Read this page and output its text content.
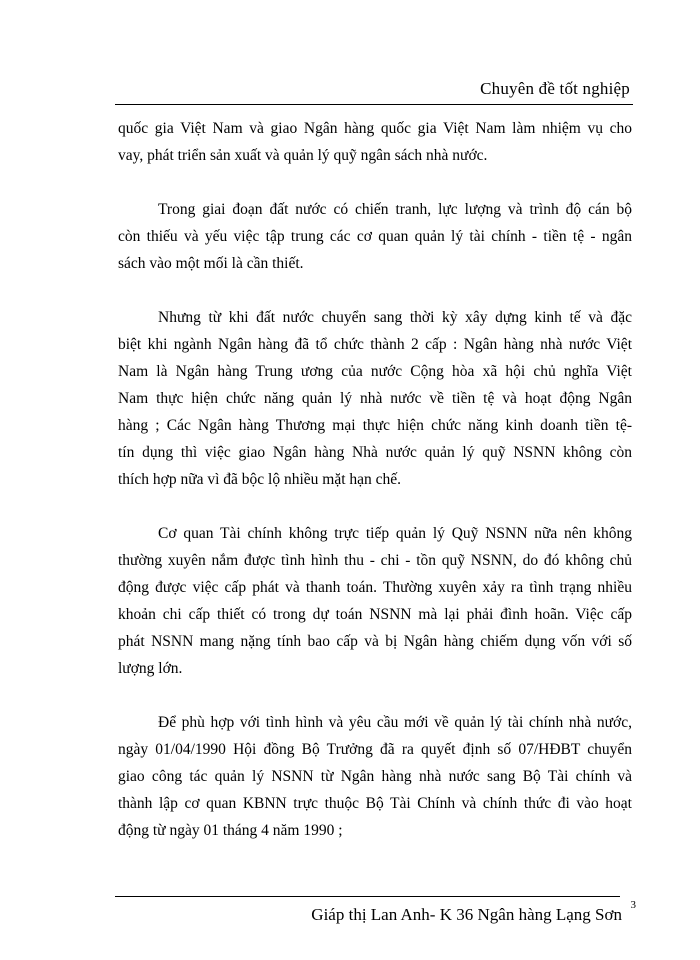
Chuyên đề tốt nghiệp
quốc gia Việt Nam và giao Ngân hàng quốc gia Việt Nam làm nhiệm vụ cho
vay, phát triển sản xuất và quản lý quỹ ngân sách nhà nước.
Trong giai đoạn đất nước có chiến tranh, lực lượng và trình độ cán bộ
còn thiếu và yếu việc tập trung các cơ quan quản lý tài chính - tiền tệ - ngân
sách vào một mối là cần thiết.
Nhưng từ khi đất nước chuyển sang thời kỳ xây dựng kinh tế và đặc
biệt khi ngành Ngân hàng đã tổ chức thành 2 cấp : Ngân hàng nhà nước Việt
Nam là Ngân hàng Trung ương của nước Cộng hòa xã hội chủ nghĩa Việt
Nam thực hiện chức năng quản lý nhà nước về tiền tệ và hoạt động Ngân
hàng ; Các Ngân hàng Thương mại thực hiện chức năng kinh doanh tiền tệ-
tín dụng thì việc giao Ngân hàng Nhà nước quản lý quỹ NSNN không còn
thích hợp nữa vì đã bộc lộ nhiều mặt hạn chế.
Cơ quan Tài chính không trực tiếp quản lý Quỹ NSNN nữa nên không
thường xuyên nắm được tình hình thu - chi - tồn quỹ NSNN, do đó không chủ
động được việc cấp phát và thanh toán. Thường xuyên xảy ra tình trạng nhiều
khoản chi cấp thiết có trong dự toán NSNN mà lại phải đình hoãn. Việc cấp
phát NSNN mang nặng tính bao cấp và bị Ngân hàng chiếm dụng vốn với số
lượng lớn.
Để phù hợp với tình hình và yêu cầu mới về quản lý tài chính nhà nước,
ngày 01/04/1990 Hội đồng Bộ Trưởng đã ra quyết định số 07/HĐBT chuyển
giao công tác quản lý NSNN từ Ngân hàng nhà nước sang Bộ Tài chính và
thành lập cơ quan KBNN trực thuộc Bộ Tài Chính và chính thức đi vào hoạt
động từ ngày 01 tháng 4 năm 1990 ;
Giáp thị Lan Anh- K 36 Ngân hàng Lạng Sơn 3
